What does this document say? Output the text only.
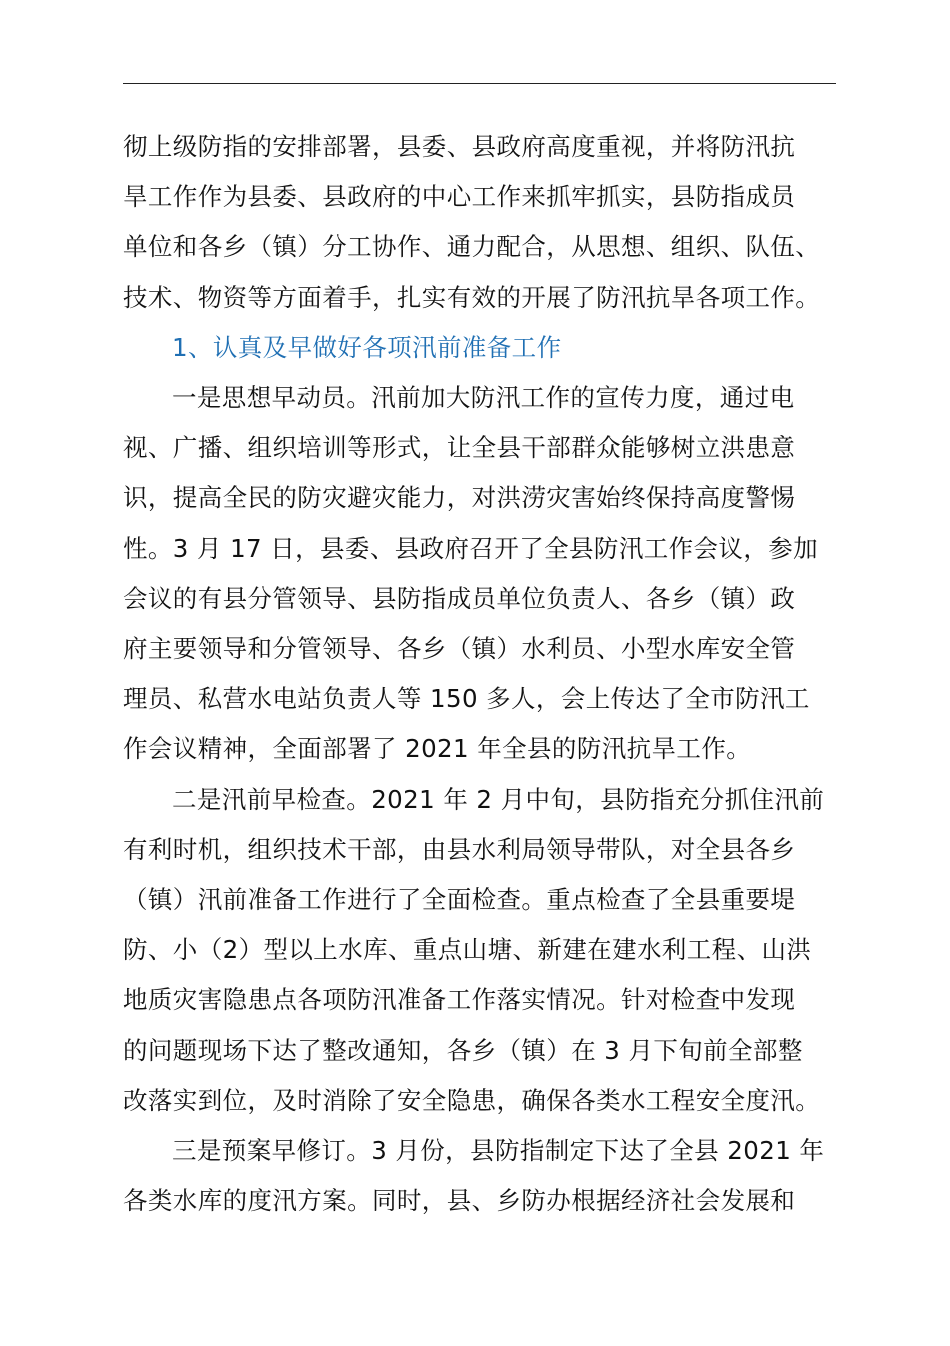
彻上级防指的安排部署，县委、县政府高度重视，并将防汛抗
旱工作作为县委、县政府的中心工作来抓牢抓实，县防指成员
单位和各乡（镇）分工协作、通力配合，从思想、组织、队伍、
技术、物资等方面着手，扎实有效的开展了防汛抗旱各项工作。
1、认真及早做好各项汛前准备工作
一是思想早动员。汛前加大防汛工作的宣传力度，通过电
视、广播、组织培训等形式，让全县干部群众能够树立洪患意
识，提高全民的防灾避灾能力，对洪涝灾害始终保持高度警惕
性。3 月 17 日，县委、县政府召开了全县防汛工作会议，参加
会议的有县分管领导、县防指成员单位负责人、各乡（镇）政
府主要领导和分管领导、各乡（镇）水利员、小型水库安全管
理员、私营水电站负责人等 150 多人，会上传达了全市防汛工
作会议精神，全面部署了 2021 年全县的防汛抗旱工作。
二是汛前早检查。2021 年 2 月中旬，县防指充分抓住汛前
有利时机，组织技术干部，由县水利局领导带队，对全县各乡
（镇）汛前准备工作进行了全面检查。重点检查了全县重要堤
防、小（2）型以上水库、重点山塘、新建在建水利工程、山洪
地质灾害隐患点各项防汛准备工作落实情况。针对检查中发现
的问题现场下达了整改通知，各乡（镇）在 3 月下旬前全部整
改落实到位，及时消除了安全隐患，确保各类水工程安全度汛。
三是预案早修订。3 月份，县防指制定下达了全县 2021 年
各类水库的度汛方案。同时，县、乡防办根据经济社会发展和
